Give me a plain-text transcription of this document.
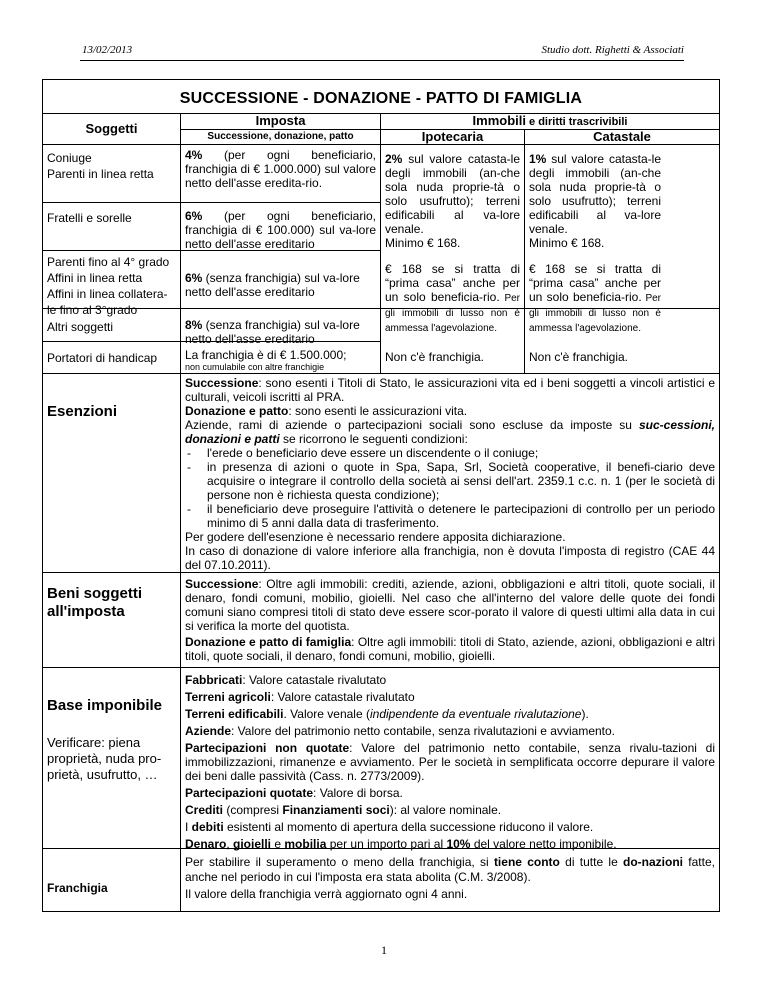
13/02/2013	Studio dott. Righetti & Associati
SUCCESSIONE - DONAZIONE - PATTO DI FAMIGLIA
Soggetti
Imposta
Successione, donazione, patto
Immobili e diritti trascrivibili
Ipotecaria	Catastale
Coniuge
Parenti in linea retta
Fratelli e sorelle
Parenti fino al 4° grado
Affini in linea retta
Affini in linea collatera-
le fino al 3°grado
Altri soggetti
Portatori di handicap
4% (per ogni beneficiario, franchigia di € 1.000.000) sul valore netto dell'asse eredita-rio.
6% (per ogni beneficiario, franchigia di € 100.000) sul va-lore netto dell'asse ereditario
6% (senza franchigia) sul va-lore netto dell'asse ereditario
8% (senza franchigia) sul va-lore netto dell'asse ereditario
La franchigia è di € 1.500.000;
non cumulabile con altre franchigie
2% sul valore catasta-le degli immobili (an-che sola nuda proprie-tà o solo usufrutto); terreni edificabili al va-lore venale.
Minimo € 168.
€ 168 se si tratta di “prima casa” anche per un solo beneficia-rio. Per gli immobili di lusso non è ammessa l'agevolazione.
Non c'è franchigia.
1% sul valore catasta-le degli immobili (an-che sola nuda proprie-tà o solo usufrutto); terreni edificabili al va-lore venale.
Minimo € 168.
€ 168 se si tratta di “prima casa” anche per un solo beneficia-rio. Per gli immobili di lusso non è ammessa l'agevolazione.
Non c'è franchigia.
Esenzioni

Successione: sono esenti i Titoli di Stato, le assicurazioni vita ed i beni soggetti a vincoli artistici e culturali, veicoli iscritti al PRA.

Donazione e patto: sono esenti le assicurazioni vita.

Aziende, rami di aziende o partecipazioni sociali sono escluse da imposte su suc-cessioni, donazioni e patti se ricorrono le seguenti condizioni:

- l'erede o beneficiario deve essere un discendente o il coniuge;
- in presenza di azioni o quote in Spa, Sapa, Srl, Società cooperative, il benefi-ciario deve acquisire o integrare il controllo della società ai sensi dell'art. 2359.1 c.c. n. 1 (per le società di persone non è richiesta questa condizione);
- il beneficiario deve proseguire l'attività o detenere le partecipazioni di controllo per un periodo minimo di 5 anni dalla data di trasferimento.

Per godere dell'esenzione è necessario rendere apposita dichiarazione.

In caso di donazione di valore inferiore alla franchigia, non è dovuta l'imposta di registro (CAE 44 del 07.10.2011).

Beni soggetti
all'imposta

Successione: Oltre agli immobili: crediti, aziende, azioni, obbligazioni e altri titoli, quote sociali, il denaro, fondi comuni, mobilio, gioielli. Nel caso che all'interno del valore delle quote dei fondi comuni siano compresi titoli di stato deve essere scor-porato il valore di questi ultimi alla data in cui si verifica la morte del quotista.

Donazione e patto di famiglia: Oltre agli immobili: titoli di Stato, aziende, azioni, obbligazioni e altri titoli, quote sociali, il denaro, fondi comuni, mobilio, gioielli.

Base imponibile
Verificare: piena proprietà, nuda pro-prietà, usufrutto, …

Fabbricati: Valore catastale rivalutato

Terreni agricoli: Valore catastale rivalutato

Terreni edificabili. Valore venale (indipendente da eventuale rivalutazione).

Aziende: Valore del patrimonio netto contabile, senza rivalutazioni e avviamento.

Partecipazioni non quotate: Valore del patrimonio netto contabile, senza rivalu-tazioni di immobilizzazioni, rimanenze e avviamento. Per le società in semplificata occorre depurare il valore dei beni dalle passività (Cass. n. 2773/2009).

Partecipazioni quotate: Valore di borsa.

Crediti (compresi Finanziamenti soci): al valore nominale.

I debiti esistenti al momento di apertura della successione riducono il valore.

Denaro, gioielli e mobilia per un importo pari al 10% del valore netto imponibile.

Franchigia

Per stabilire il superamento o meno della franchigia, si tiene conto di tutte le do-nazioni fatte, anche nel periodo in cui l'imposta era stata abolita (C.M. 3/2008).

Il valore della franchigia verrà aggiornato ogni 4 anni.

1
